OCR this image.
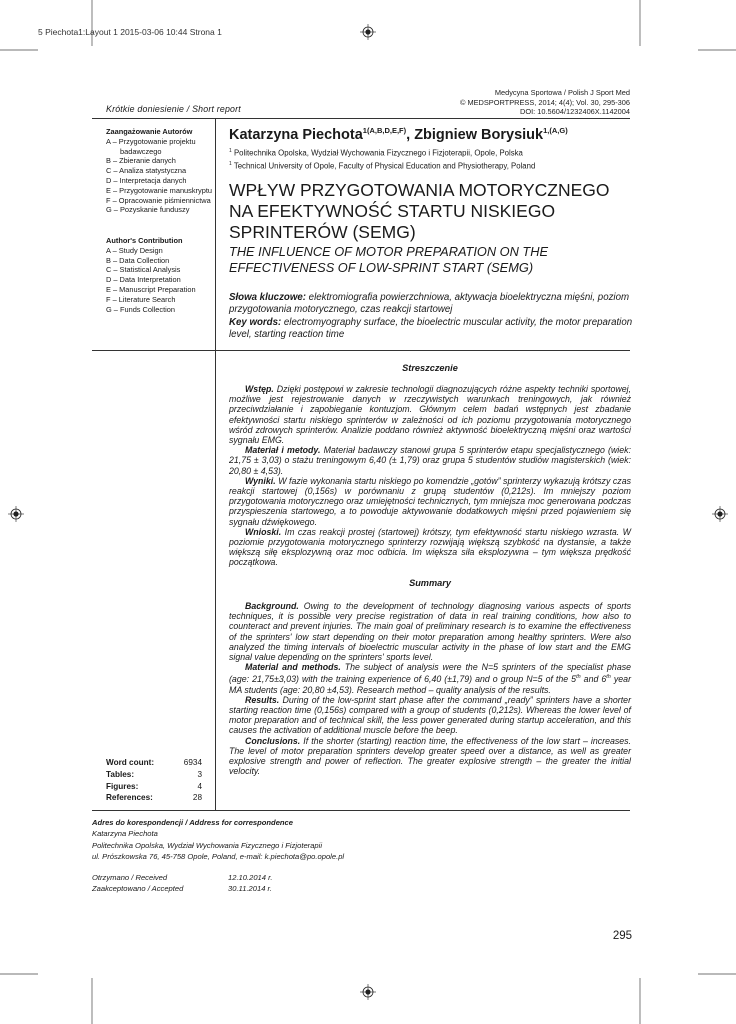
5 Piechota1:Layout 1 2015-03-06 10:44 Strona 1
Medycyna Sportowa / Polish J Sport Med
© MEDSPORTPRESS, 2014; 4(4); Vol. 30, 295-306
DOI: 10.5604/1232406X.1142004
Krótkie doniesienie / Short report
Zaangażowanie Autorów
A – Przygotowanie projektu
badawczego
B – Zbieranie danych
C – Analiza statystyczna
D – Interpretacja danych
E – Przygotowanie manuskryptu
F – Opracowanie piśmiennictwa
G – Pozyskanie funduszy
Author's Contribution
A – Study Design
B – Data Collection
C – Statistical Analysis
D – Data Interpretation
E – Manuscript Preparation
F – Literature Search
G – Funds Collection
Katarzyna Piechota$^{1(A,B,D,E,F)}$, Zbigniew Borysiuk$^{1,(A,G)}$
$^1$ Politechnika Opolska, Wydział Wychowania Fizycznego i Fizjoterapii, Opole, Polska
$^1$ Technical University of Opole, Faculty of Physical Education and Physiotherapy, Poland
WPŁYW PRZYGOTOWANIA MOTORYCZNEGO
NA EFEKTYWNOŚĆ STARTU NISKIEGO
SPRINTERÓW (SEMG)
THE INFLUENCE OF MOTOR PREPARATION ON THE
EFFECTIVENESS OF LOW-SPRINT START (SEMG)
Słowa kluczowe: elektromiografia powierzchniowa, aktywacja bioelektryczna mięśni, poziom przygotowania motorycznego, czas reakcji startowej
Key words: electromyography surface, the bioelectric muscular activity, the motor preparation level, starting reaction time
Streszczenie

Wstęp. Dzięki postępowi w zakresie technologii diagnozujących różne aspekty techniki sportowej, możliwe jest rejestrowanie danych w rzeczywistych warunkach treningowych, jak również przeciwdziałanie i zapobieganie kontuzjom. Głównym celem badań wstępnych jest zbadanie efektywności startu niskiego sprinterów w zależności od ich poziomu przygotowania motorycznego wśród zdrowych sprinterów. Analizie poddano również aktywność bioelektryczną mięśni oraz wartości sygnału EMG.

Materiał i metody. Materiał badawczy stanowi grupa 5 sprinterów etapu specjalistycznego (wiek: 21,75 ± 3,03) o stażu treningowym 6,40 (± 1,79) oraz grupa 5 studentów studiów magisterskich (wiek: 20,80 ± 4,53).

Wyniki. W fazie wykonania startu niskiego po komendzie „gotów” sprinterzy wykazują krótszy czas reakcji startowej (0,156s) w porównaniu z grupą studentów (0,212s). Im mniejszy poziom przygotowania motorycznego oraz umiejętności technicznych, tym mniejsza moc generowana podczas przyspieszenia startowego, a to powoduje aktywowanie dodatkowych mięśni przed pojawieniem się sygnału dźwiękowego.

Wnioski. Im czas reakcji prostej (startowej) krótszy, tym efektywność startu niskiego wzrasta. W poziomie przygotowania motorycznego sprinterzy rozwijają większą szybkość na dystansie, a także większą siłę eksplozywną oraz moc odbicia. Im większa siła eksplozywna – tym większa prędkość początkowa.

Summary

Background. Owing to the development of technology diagnosing various aspects of sports techniques, it is possible very precise registration of data in real training conditions, how also to counteract and prevent injuries. The main goal of preliminary research is to examine the effectiveness of the sprinters' low start depending on their motor preparation among healthy sprinters. Were also analyzed the timing intervals of bioelectric muscular activity in the phase of low start and the EMG signal value depending on the sprinters' sports level.

Material and methods. The subject of analysis were the N=5 sprinters of the specialist phase (age: 21,75±3,03) with the training experience of 6,40 (±1,79) and o group N=5 of the 5th and 6th year MA students (age: 20,80 ±4,53). Research method – quality analysis of the results.

Results. During of the low-sprint start phase after the command „ready” sprinters have a shorter starting reaction time (0,156s) compared with a group of students (0,212s). Whereas the lower level of motor preparation and of technical skill, the less power generated during startup acceleration, and this causes the activation of additional muscle before the beep.

Conclusions. If the shorter (starting) reaction time, the effectiveness of the low start – increases. The level of motor preparation sprinters develop greater speed over a distance, as well as greater explosive strength and power of reflection. The greater explosive strength – the greater the initial velocity.

Word count:	6934
Tables:	3
Figures:	4
References:	28
Adres do korespondencji / Address for correspondence
Katarzyna Piechota
Politechnika Opolska, Wydział Wychowania Fizycznego i Fizjoterapii
ul. Prószkowska 76, 45-758 Opole, Poland, e-mail: k.piechota@po.opole.pl
Otrzymano / Received	12.10.2014 r.
Zaakceptowano / Accepted	30.11.2014 r.
295
